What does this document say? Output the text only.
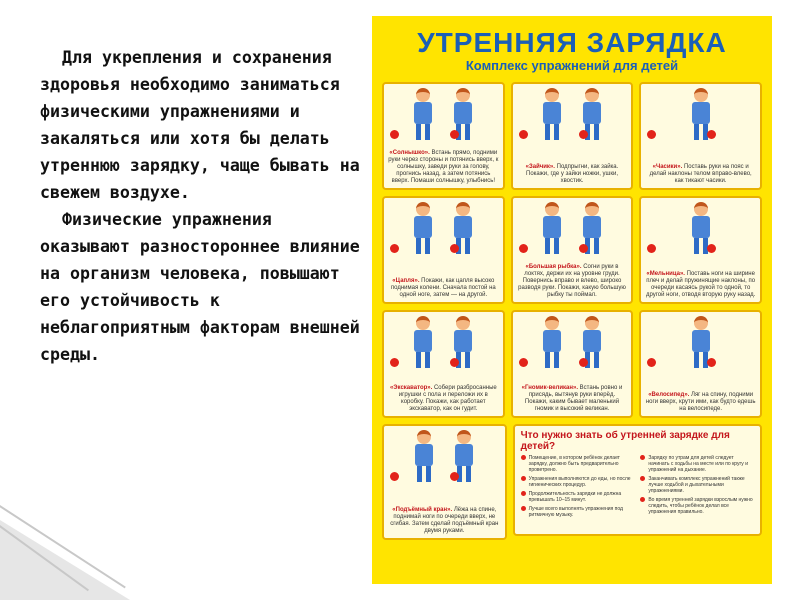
Для укрепления и сохранения здоровья необходимо заниматься физическими упражнениями и закаляться или хотя бы делать утреннюю зарядку, чаще бывать на свежем воздухе.

Физические упражнения оказывают разностороннее влияние на организм человека, повышают его устойчивость к неблагоприятным факторам внешней среды.

УТРЕННЯЯ ЗАРЯДКА
Комплекс упражнений для детей
«Солнышко». Встань прямо, подними руки через стороны и потянись вверх, к солнышку, заведи руки за голову, прогнись назад, а затем потянись вверх. Помаши солнышку, улыбнись!
«Зайчик». Подпрыгни, как зайка. Покажи, где у зайки ножки, ушки, хвостик.
«Часики». Поставь руки на пояс и делай наклоны телом вправо-влево, как тикают часики.
«Цапля». Покажи, как цапля высоко поднимая колени. Сначала постой на одной ноге, затем — на другой.
«Большая рыбка». Согни руки в локтях, держи их на уровне груди. Повернись вправо и влево, широко разводя руки. Покажи, какую большую рыбку ты поймал.
«Мельница». Поставь ноги на ширине плеч и делай пружинящие наклоны, по очереди касаясь рукой то одной, то другой ноги, отводя вторую руку назад.
«Экскаватор». Собери разбросанные игрушки с пола и переложи их в коробку. Покажи, как работает экскаватор, как он гудит.
«Гномик-великан». Встань ровно и присядь, вытянув руки вперёд. Покажи, каким бывает маленький гномик и высокий великан.
«Велосипед». Ляг на спину, подними ноги вверх, крути ими, как будто едешь на велосипеде.
«Подъёмный кран». Лёжа на спине, поднимай ноги по очереди вверх, не сгибая. Затем сделай подъёмный кран двумя руками.
Что нужно знать об утренней зарядке для детей?
Помещение, в котором ребёнок делает зарядку, должно быть предварительно проветрено.
Упражнения выполняются до еды, но после гигиенических процедур.
Продолжительность зарядки не должна превышать 10–15 минут.
Лучше всего выполнять упражнения под ритмичную музыку.
Зарядку по утрам для детей следует начинать с ходьбы на месте или по кругу и упражнений на дыхание.
Заканчивать комплекс упражнений также лучше ходьбой и дыхательными упражнениями.
Во время утренней зарядки взрослым нужно следить, чтобы ребёнок делал все упражнения правильно.
